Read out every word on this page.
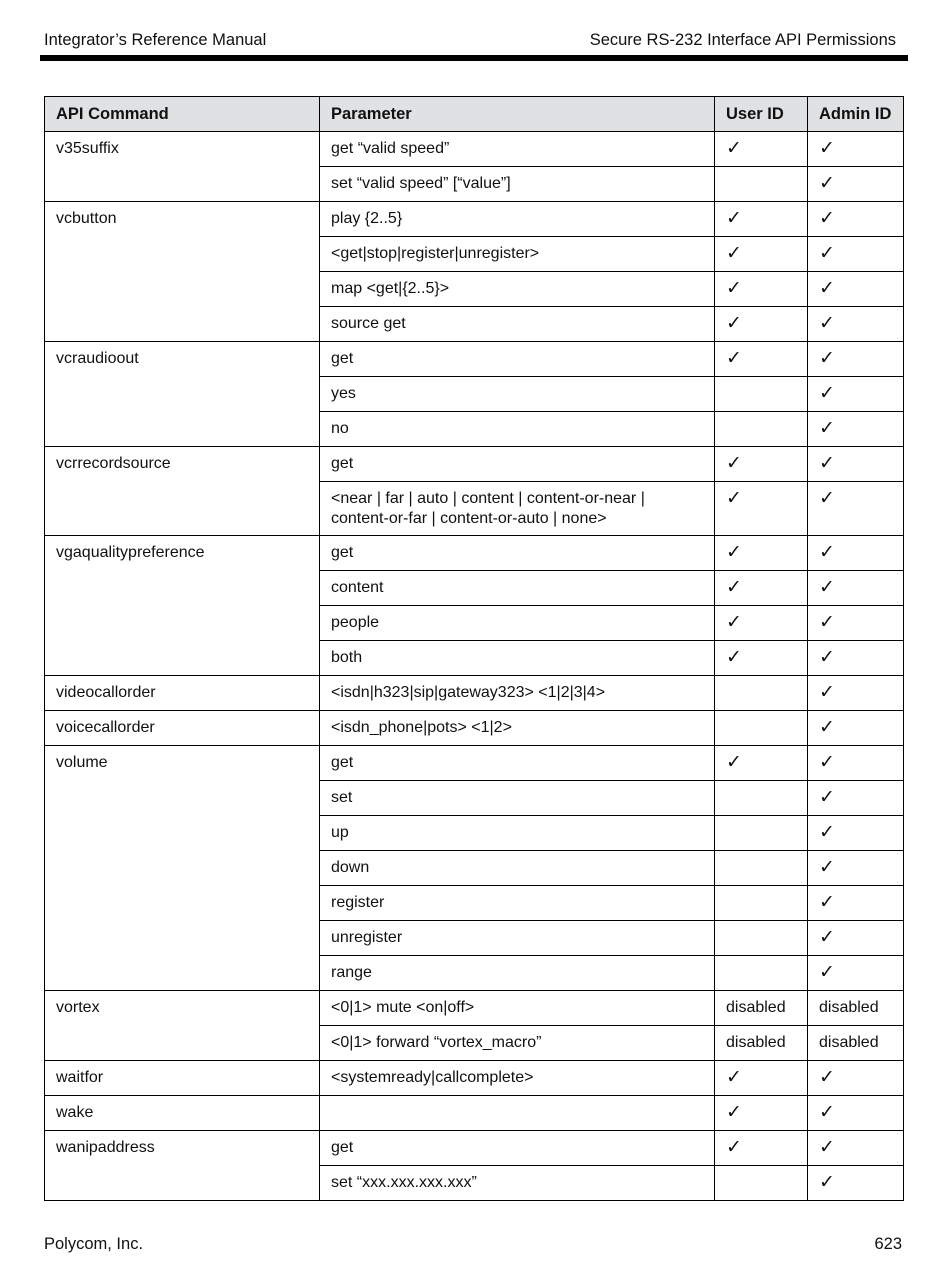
Integrator’s Reference Manual	Secure RS-232 Interface API Permissions
API Command	Parameter	User ID	Admin ID
v35suffix	get “valid speed”	✓	✓
	set “valid speed” [“value”]		✓
vcbutton	play {2..5}	✓	✓
	<get|stop|register|unregister>	✓	✓
	map <get|{2..5}>	✓	✓
	source get	✓	✓
vcraudioout	get	✓	✓
	yes		✓
	no		✓
vcrrecordsource	get	✓	✓
	<near | far | auto | content | content-or-near | content-or-far | content-or-auto | none>	✓	✓
vgaqualitypreference	get	✓	✓
	content	✓	✓
	people	✓	✓
	both	✓	✓
videocallorder	<isdn|h323|sip|gateway323> <1|2|3|4>		✓
voicecallorder	<isdn_phone|pots> <1|2>		✓
volume	get	✓	✓
	set		✓
	up		✓
	down		✓
	register		✓
	unregister		✓
	range		✓
vortex	<0|1> mute <on|off>	disabled	disabled
	<0|1> forward “vortex_macro”	disabled	disabled
waitfor	<systemready|callcomplete>	✓	✓
wake		✓	✓
wanipaddress	get	✓	✓
	set “xxx.xxx.xxx.xxx”		✓
Polycom, Inc.	623
